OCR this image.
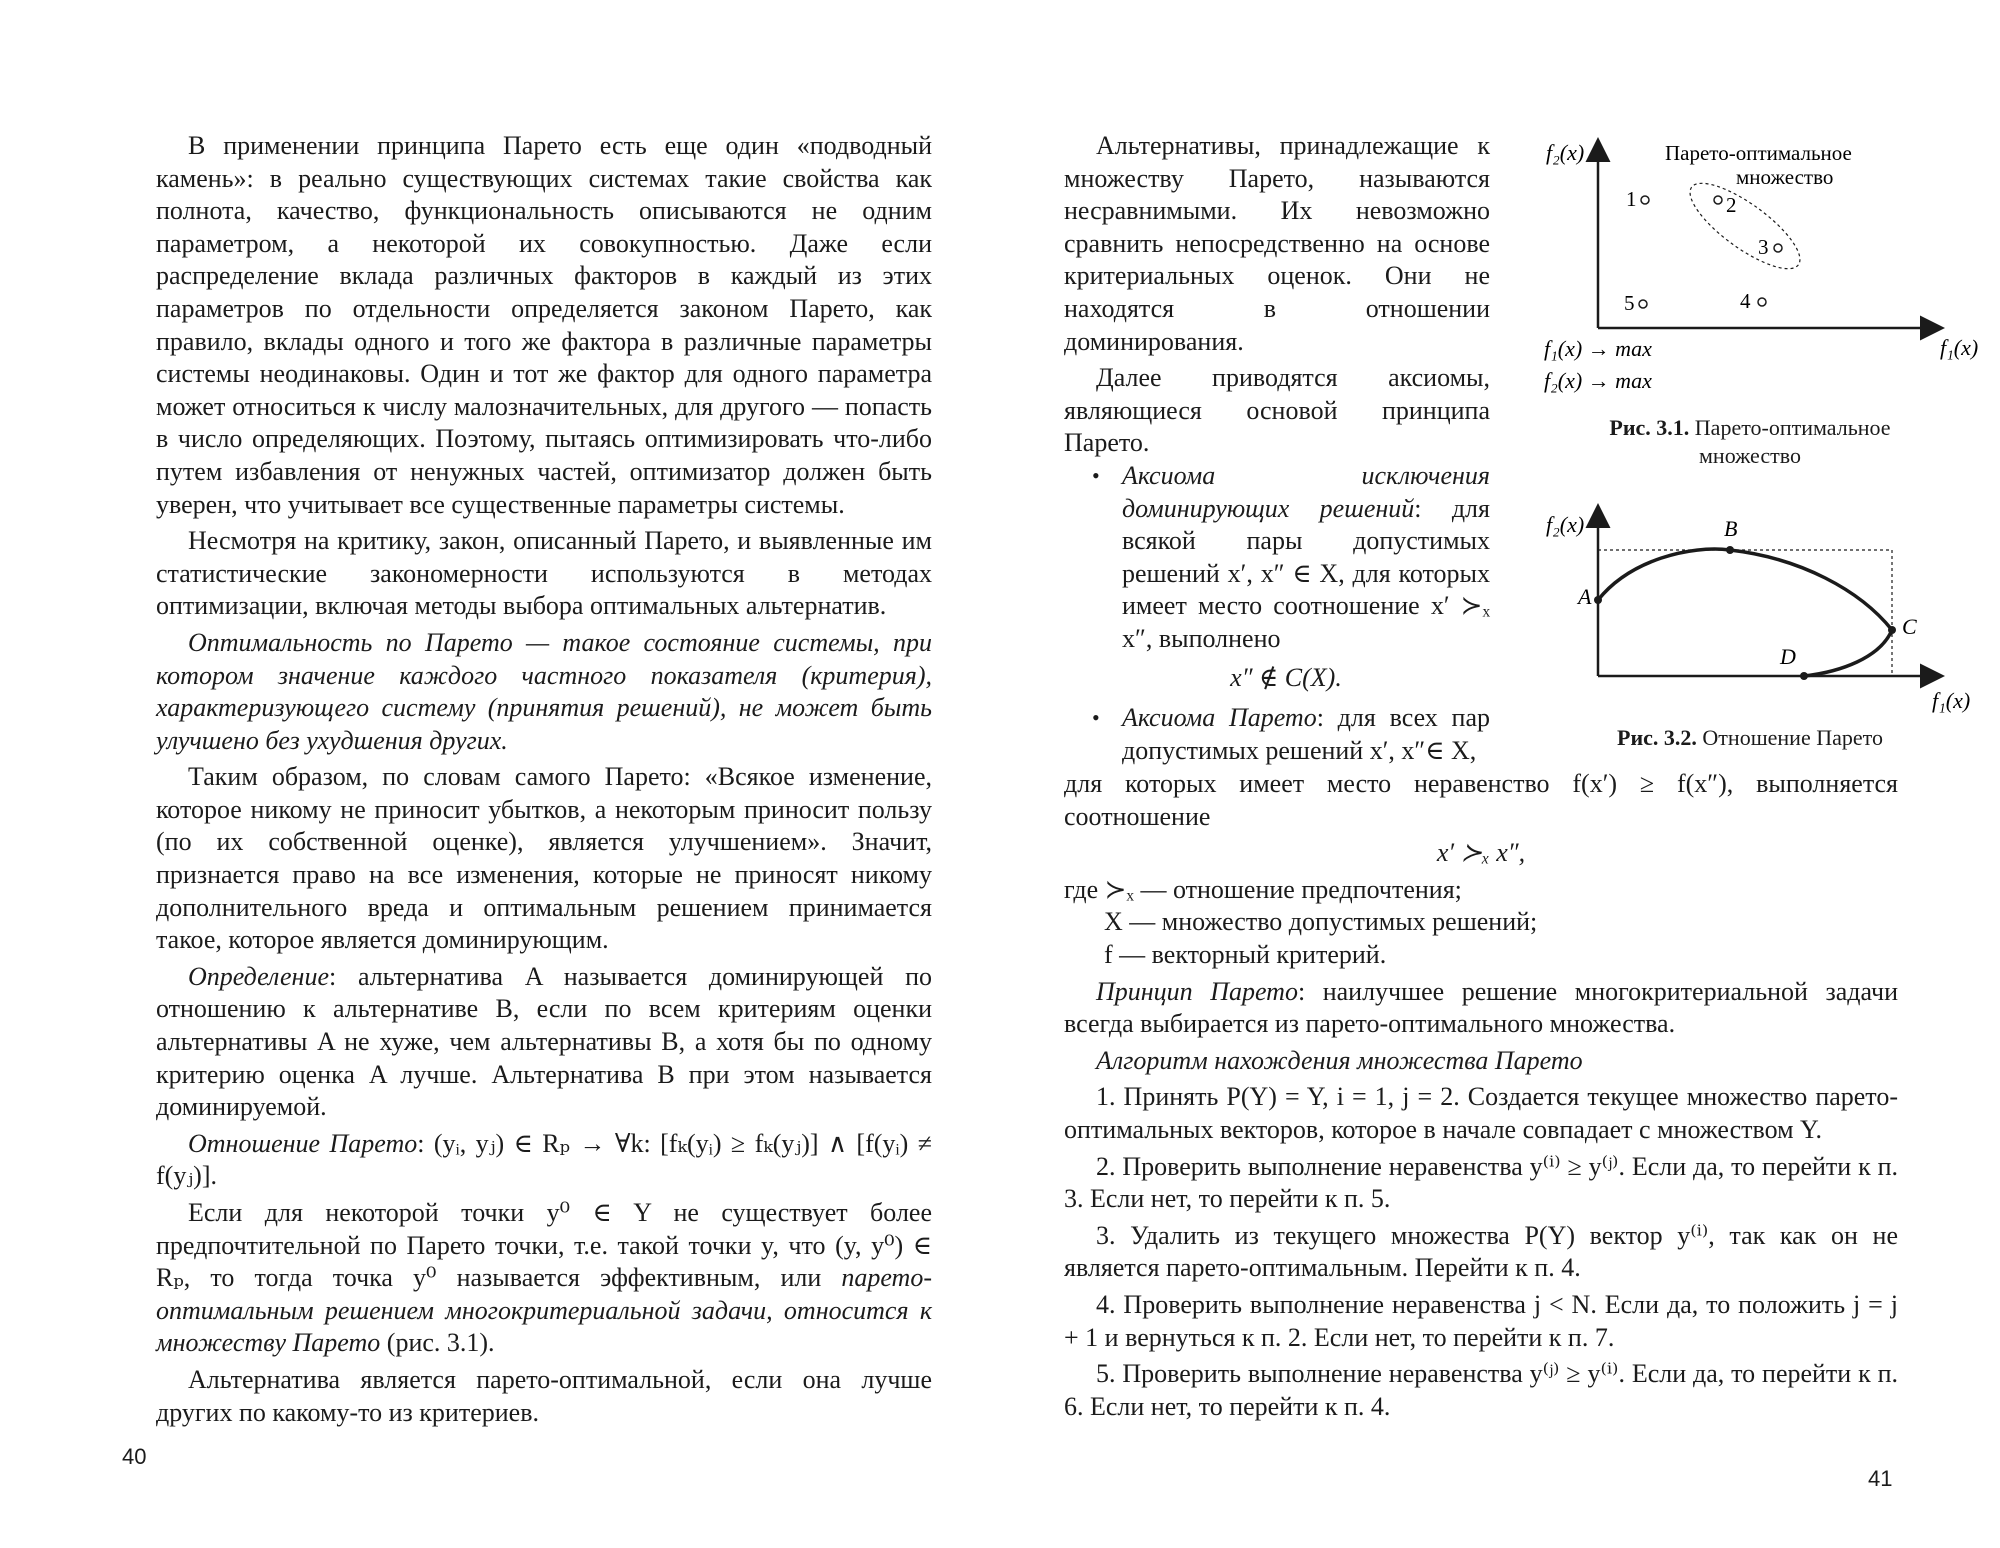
В применении принципа Парето есть еще один «подводный камень»: в реально существующих системах такие свойства как полнота, качество, функциональность описываются не одним параметром, а некоторой их совокупностью. Даже если распределение вклада различных факторов в каждый из этих параметров по отдельности определяется законом Парето, как правило, вклады одного и того же фактора в различные параметры системы неодинаковы. Один и тот же фактор для одного параметра может относиться к числу малозначительных, для другого — попасть в число определяющих. Поэтому, пытаясь оптимизировать что-либо путем избавления от ненужных частей, оптимизатор должен быть уверен, что учитывает все существенные параметры системы.

Несмотря на критику, закон, описанный Парето, и выявленные им статистические закономерности используются в методах оптимизации, включая методы выбора оптимальных альтернатив.

Оптимальность по Парето — такое состояние системы, при котором значение каждого частного показателя (критерия), характеризующего систему (принятия решений), не может быть улучшено без ухудшения других.

Таким образом, по словам самого Парето: «Всякое изменение, которое никому не приносит убытков, а некоторым приносит пользу (по их собственной оценке), является улучшением». Значит, признается право на все изменения, которые не приносят никому дополнительного вреда и оптимальным решением принимается такое, которое является доминирующим.

Определение: альтернатива A называется доминирующей по отношению к альтернативе B, если по всем критериям оценки альтернативы A не хуже, чем альтернативы B, а хотя бы по одному критерию оценка A лучше. Альтернатива B при этом называется доминируемой.

Отношение Парето: (yᵢ, yⱼ) ∈ Rₚ → ∀k: [fₖ(yᵢ) ≥ fₖ(yⱼ)] ∧ [f(yᵢ) ≠ f(yⱼ)].

Если для некоторой точки y⁰ ∈ Y не существует более предпочтительной по Парето точки, т.е. такой точки y, что (y, y⁰) ∈ Rₚ, то тогда точка y⁰ называется эффективным, или парето-оптимальным решением многокритериальной задачи, относится к множеству Парето (рис. 3.1).

Альтернатива является парето-оптимальной, если она лучше других по какому-то из критериев.

40

Альтернативы, принадлежащие к множеству Парето, называются несравнимыми. Их невозможно сравнить непосредственно на основе критериальных оценок. Они не находятся в отношении доминирования.

Далее приводятся аксиомы, являющиеся основой принципа Парето.

• Аксиома исключения доминирующих решений: для всякой пары допустимых решений x′, x″ ∈ X, для которых имеет место соотношение x′ ≻ₓ x″, выполнено
x″ ∉ C(X).
• Аксиома Парето: для всех пар допустимых решений x′, x″∈ X,

для которых имеет место неравенство f(x′) ≥ f(x″), выполняется соотношение

x′ ≻ₓ x″,

где ≻ₓ — отношение предпочтения;

X — множество допустимых решений;

f — векторный критерий.

Принцип Парето: наилучшее решение многокритериальной задачи всегда выбирается из парето-оптимального множества.

Алгоритм нахождения множества Парето

1. Принять P(Y) = Y, i = 1, j = 2. Создается текущее множество парето-оптимальных векторов, которое в начале совпадает с множеством Y.

2. Проверить выполнение неравенства y⁽ⁱ⁾ ≥ y⁽ʲ⁾. Если да, то перейти к п. 3. Если нет, то перейти к п. 5.

3. Удалить из текущего множества P(Y) вектор y⁽ⁱ⁾, так как он не является парето-оптимальным. Перейти к п. 4.

4. Проверить выполнение неравенства j < N. Если да, то положить j = j + 1 и вернуться к п. 2. Если нет, то перейти к п. 7.

5. Проверить выполнение неравенства y⁽ʲ⁾ ≥ y⁽ⁱ⁾. Если да, то перейти к п. 6. Если нет, то перейти к п. 4.

f₂(x)
f₁(x)
Парето-оптимальное
множество
1	2
3
4
5
f₁(x) → max
f₂(x) → max
Рис. 3.1. Парето-оптимальное множество
f₂(x)
f₁(x)
A
B
C
D
Рис. 3.2. Отношение Парето
41
